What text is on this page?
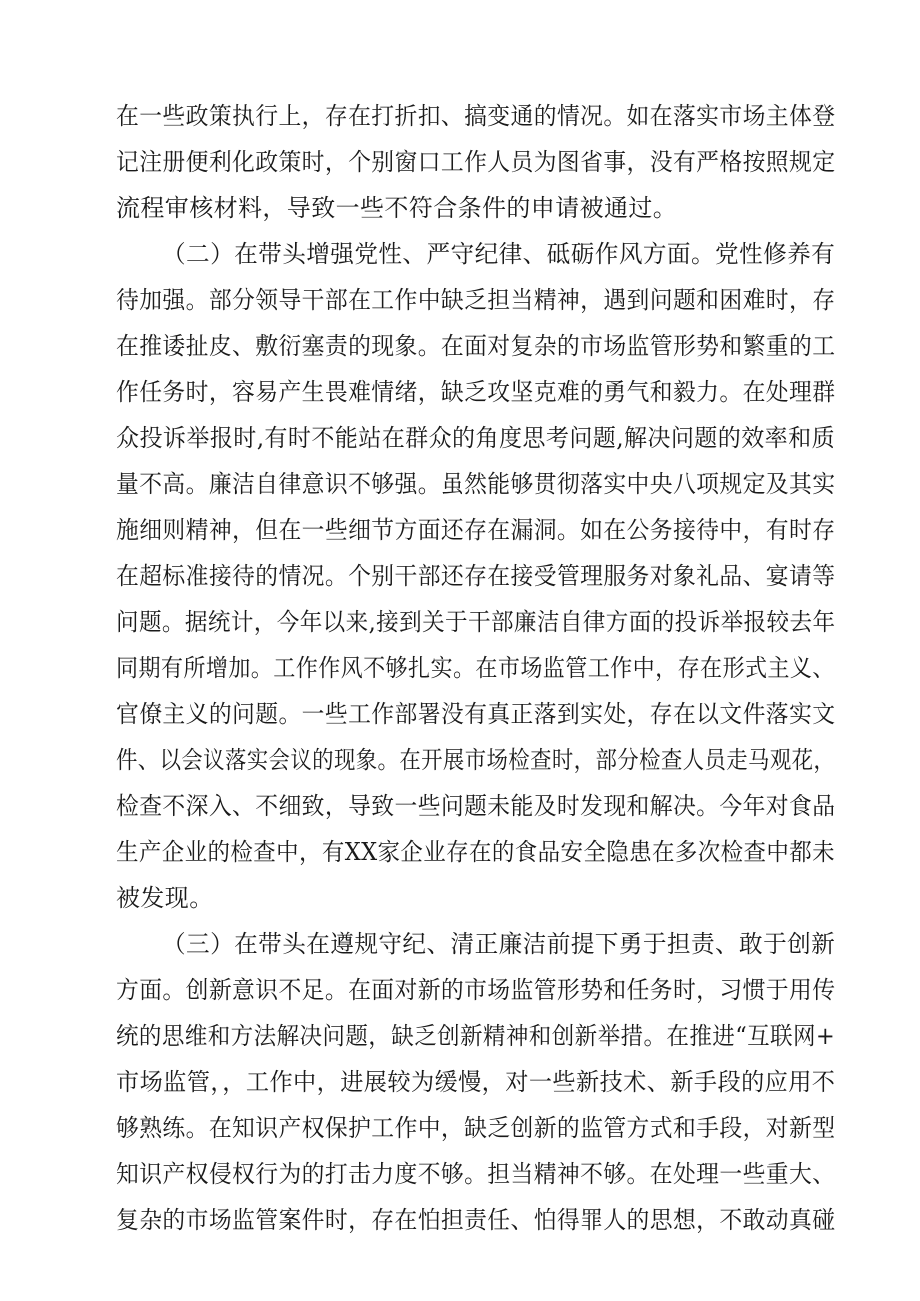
在一些政策执行上，存在打折扣、搞变通的情况。如在落实市场主体登
记注册便利化政策时，个别窗口工作人员为图省事，没有严格按照规定
流程审核材料，导致一些不符合条件的申请被通过。
（二）在带头增强党性、严守纪律、砥砺作风方面。党性修养有
待加强。部分领导干部在工作中缺乏担当精神，遇到问题和困难时，存
在推诿扯皮、敷衍塞责的现象。在面对复杂的市场监管形势和繁重的工
作任务时，容易产生畏难情绪，缺乏攻坚克难的勇气和毅力。在处理群
众投诉举报时,有时不能站在群众的角度思考问题,解决问题的效率和质
量不高。廉洁自律意识不够强。虽然能够贯彻落实中央八项规定及其实
施细则精神，但在一些细节方面还存在漏洞。如在公务接待中，有时存
在超标准接待的情况。个别干部还存在接受管理服务对象礼品、宴请等
问题。据统计，今年以来,接到关于干部廉洁自律方面的投诉举报较去年
同期有所增加。工作作风不够扎实。在市场监管工作中，存在形式主义、
官僚主义的问题。一些工作部署没有真正落到实处，存在以文件落实文
件、以会议落实会议的现象。在开展市场检查时，部分检查人员走马观花，
检查不深入、不细致，导致一些问题未能及时发现和解决。今年对食品
生产企业的检查中，有XX家企业存在的食品安全隐患在多次检查中都未
被发现。
（三）在带头在遵规守纪、清正廉洁前提下勇于担责、敢于创新
方面。创新意识不足。在面对新的市场监管形势和任务时，习惯于用传
统的思维和方法解决问题，缺乏创新精神和创新举措。在推进“互联网+
市场监管，，工作中，进展较为缓慢，对一些新技术、新手段的应用不
够熟练。在知识产权保护工作中，缺乏创新的监管方式和手段，对新型
知识产权侵权行为的打击力度不够。担当精神不够。在处理一些重大、
复杂的市场监管案件时，存在怕担责任、怕得罪人的思想，不敢动真碰
